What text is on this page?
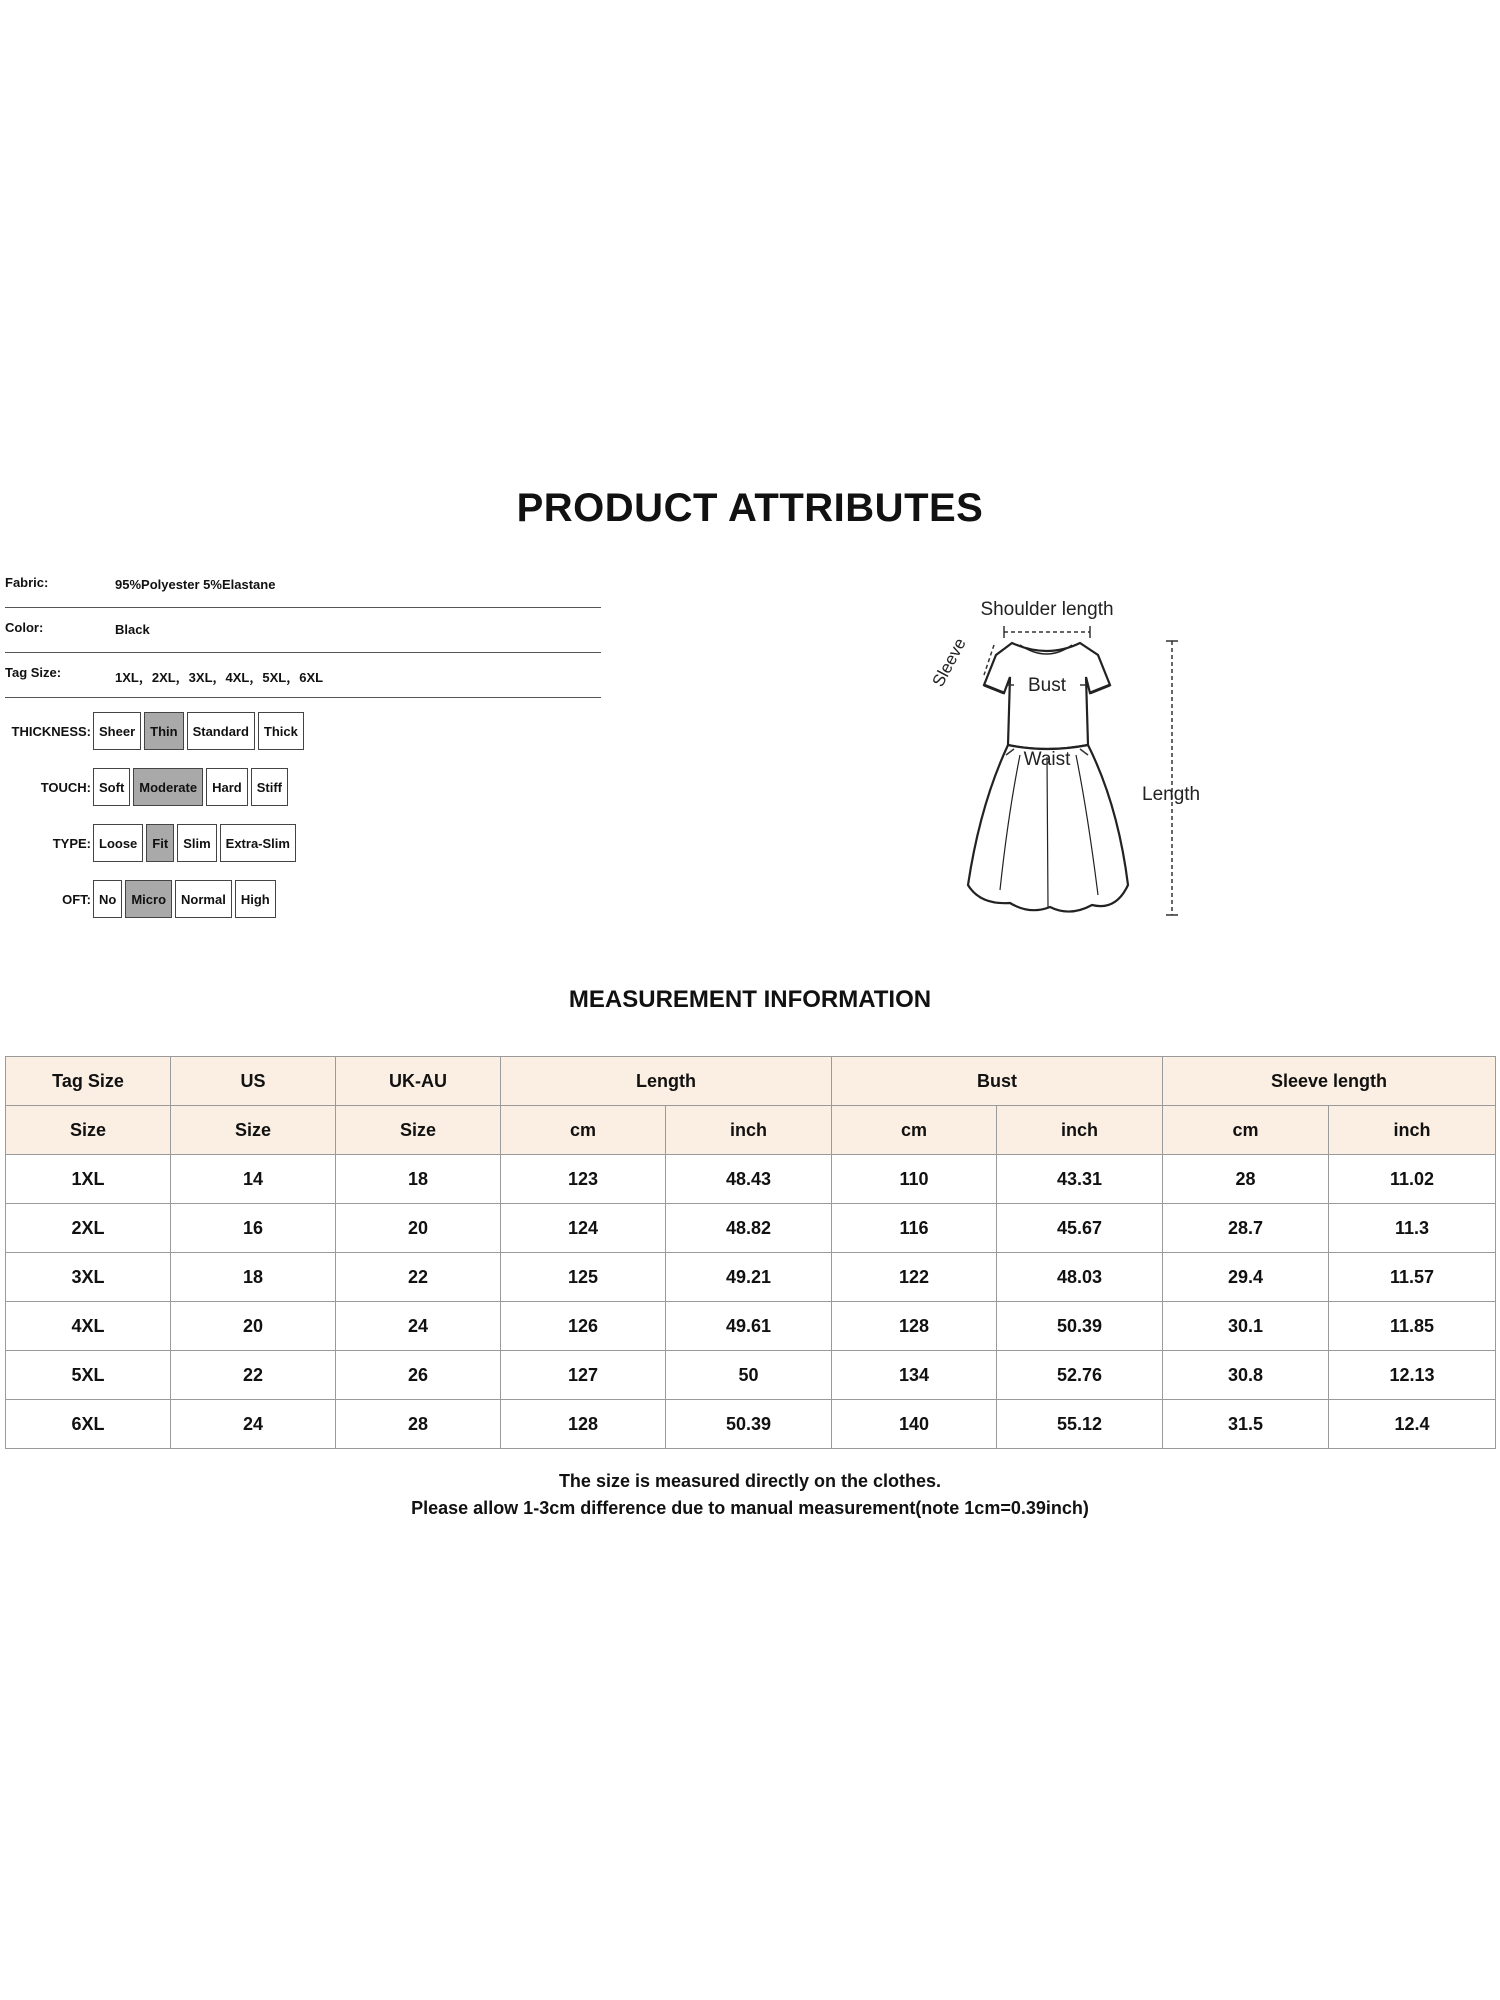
PRODUCT ATTRIBUTES
Fabric:	95%Polyester 5%Elastane
Color:	Black
Tag Size:	1XL，2XL，3XL，4XL，5XL，6XL
THICKNESS: Sheer	Thin	Standard	Thick
TOUCH: Soft	Moderate	Hard	Stiff
TYPE: Loose	Fit	Slim	Extra-Slim
OFT: No	Micro	Normal	High
Shoulder length
Sleeve	Bust
Waist
Length
MEASUREMENT INFORMATION
Tag Size	US	UK-AU	Length		Bust		Sleeve length	
Size	Size	Size	cm	inch	cm	inch	cm	inch
1XL	14	18	123	48.43	110	43.31	28	11.02
2XL	16	20	124	48.82	116	45.67	28.7	11.3
3XL	18	22	125	49.21	122	48.03	29.4	11.57
4XL	20	24	126	49.61	128	50.39	30.1	11.85
5XL	22	26	127	50	134	52.76	30.8	12.13
6XL	24	28	128	50.39	140	55.12	31.5	12.4
The size is measured directly on the clothes.
Please allow 1-3cm difference due to manual measurement(note 1cm=0.39inch)
